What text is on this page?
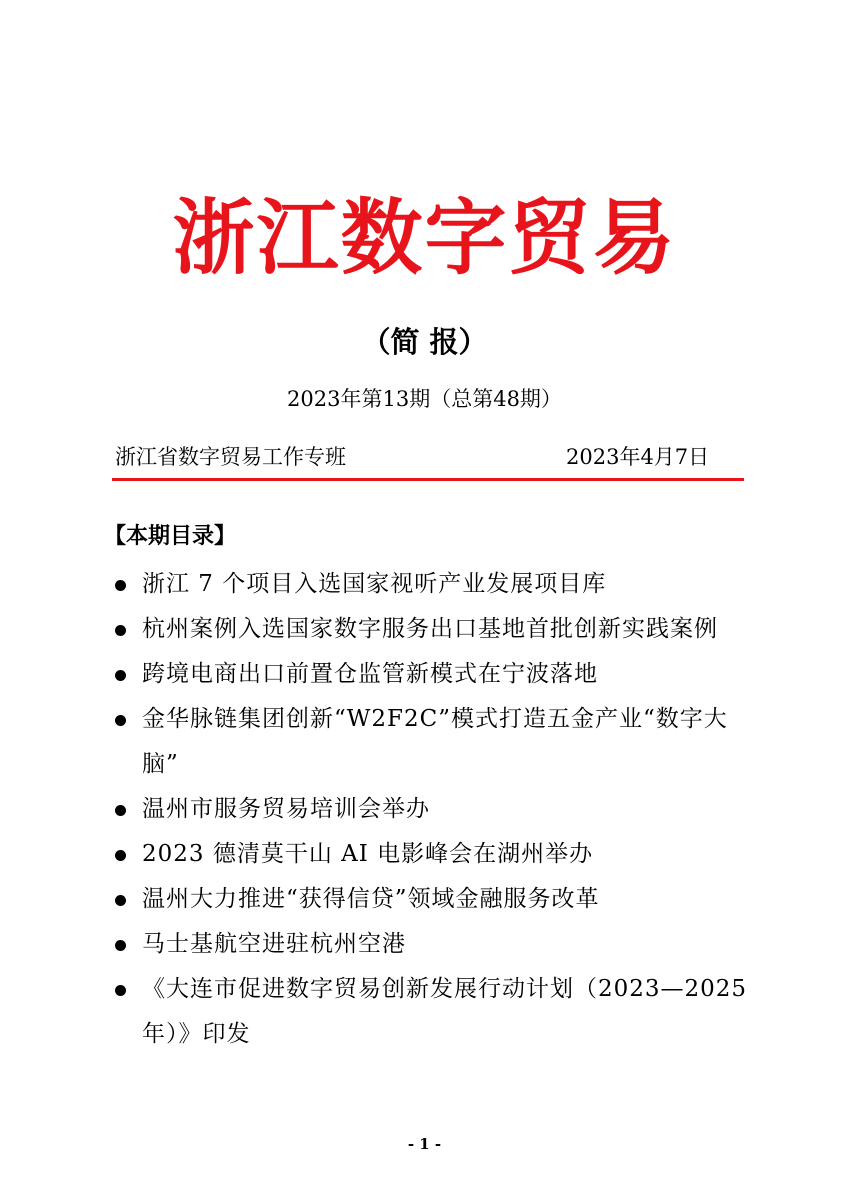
浙江数字贸易
（简 报）
2023年第13期（总第48期）
浙江省数字贸易工作专班	2023年4月7日
【本期目录】
浙江 7 个项目入选国家视听产业发展项目库
杭州案例入选国家数字服务出口基地首批创新实践案例
跨境电商出口前置仓监管新模式在宁波落地
金华脉链集团创新“W2F2C”模式打造五金产业“数字大脑”
温州市服务贸易培训会举办
2023 德清莫干山 AI 电影峰会在湖州举办
温州大力推进“获得信贷”领域金融服务改革
马士基航空进驻杭州空港
《大连市促进数字贸易创新发展行动计划（2023—2025 年）》印发
- 1 -
